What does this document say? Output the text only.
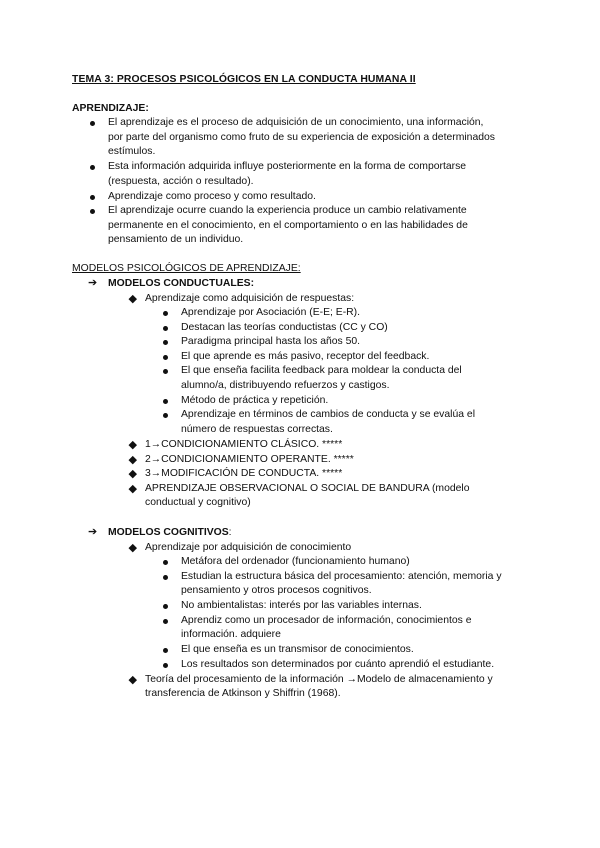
TEMA 3: PROCESOS PSICOLÓGICOS EN LA CONDUCTA HUMANA II
APRENDIZAJE:
El aprendizaje es el proceso de adquisición de un conocimiento, una información,
por parte del organismo como fruto de su experiencia de exposición a determinados
estímulos.
Esta información adquirida influye posteriormente en la forma de comportarse
(respuesta, acción o resultado).
Aprendizaje como proceso y como resultado.
El aprendizaje ocurre cuando la experiencia produce un cambio relativamente
permanente en el conocimiento, en el comportamiento o en las habilidades de
pensamiento de un individuo.
MODELOS PSICOLÓGICOS DE APRENDIZAJE:
➔ MODELOS CONDUCTUALES:
Aprendizaje como adquisición de respuestas:
Aprendizaje por Asociación (E-E; E-R).
Destacan las teorías conductistas (CC y CO)
Paradigma principal hasta los años 50.
El que aprende es más pasivo, receptor del feedback.
El que enseña facilita feedback para moldear la conducta del
alumno/a, distribuyendo refuerzos y castigos.
Método de práctica y repetición.
Aprendizaje en términos de cambios de conducta y se evalúa el
número de respuestas correctas.
1→CONDICIONAMIENTO CLÁSICO. *****
2→CONDICIONAMIENTO OPERANTE. *****
3→MODIFICACIÓN DE CONDUCTA. *****
APRENDIZAJE OBSERVACIONAL O SOCIAL DE BANDURA (modelo
conductual y cognitivo)
➔ MODELOS COGNITIVOS:
Aprendizaje por adquisición de conocimiento
Metáfora del ordenador (funcionamiento humano)
Estudian la estructura básica del procesamiento: atención, memoria y
pensamiento y otros procesos cognitivos.
No ambientalistas: interés por las variables internas.
Aprendiz como un procesador de información, conocimientos e
información. adquiere
El que enseña es un transmisor de conocimientos.
Los resultados son determinados por cuánto aprendió el estudiante.
Teoría del procesamiento de la información →Modelo de almacenamiento y
transferencia de Atkinson y Shiffrin (1968).
